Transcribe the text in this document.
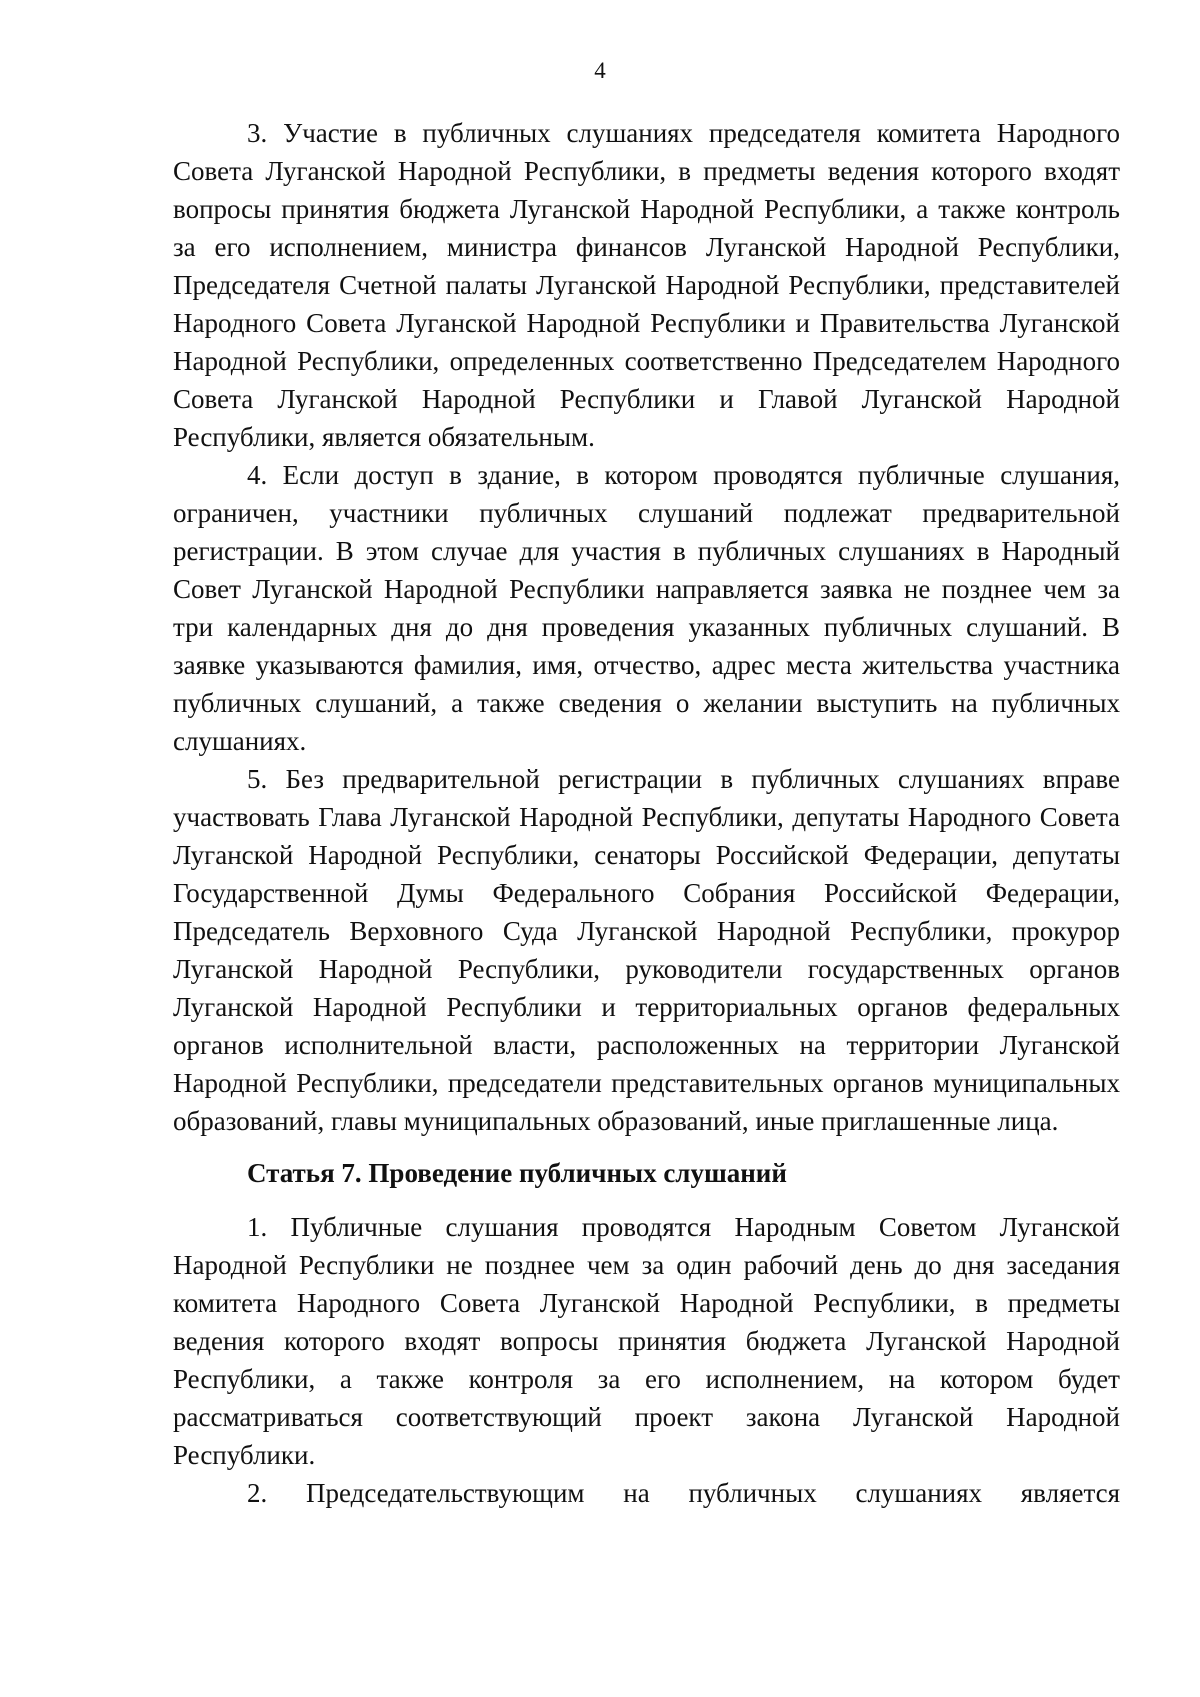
4

3. Участие в публичных слушаниях председателя комитета Народного Совета Луганской Народной Республики, в предметы ведения которого входят вопросы принятия бюджета Луганской Народной Республики, а также контроль за его исполнением, министра финансов Луганской Народной Республики, Председателя Счетной палаты Луганской Народной Республики, представителей Народного Совета Луганской Народной Республики и Правительства Луганской Народной Республики, определенных соответственно Председателем Народного Совета Луганской Народной Республики и Главой Луганской Народной Республики, является обязательным.

4. Если доступ в здание, в котором проводятся публичные слушания, ограничен, участники публичных слушаний подлежат предварительной регистрации. В этом случае для участия в публичных слушаниях в Народный Совет Луганской Народной Республики направляется заявка не позднее чем за три календарных дня до дня проведения указанных публичных слушаний. В заявке указываются фамилия, имя, отчество, адрес места жительства участника публичных слушаний, а также сведения о желании выступить на публичных слушаниях.

5. Без предварительной регистрации в публичных слушаниях вправе участвовать Глава Луганской Народной Республики, депутаты Народного Совета Луганской Народной Республики, сенаторы Российской Федерации, депутаты Государственной Думы Федерального Собрания Российской Федерации, Председатель Верховного Суда Луганской Народной Республики, прокурор Луганской Народной Республики, руководители государственных органов Луганской Народной Республики и территориальных органов федеральных органов исполнительной власти, расположенных на территории Луганской Народной Республики, председатели представительных органов муниципальных образований, главы муниципальных образований, иные приглашенные лица.

Статья 7. Проведение публичных слушаний

1. Публичные слушания проводятся Народным Советом Луганской Народной Республики не позднее чем за один рабочий день до дня заседания комитета Народного Совета Луганской Народной Республики, в предметы ведения которого входят вопросы принятия бюджета Луганской Народной Республики, а также контроля за его исполнением, на котором будет рассматриваться соответствующий проект закона Луганской Народной Республики.

2. Председательствующим на публичных слушаниях является
